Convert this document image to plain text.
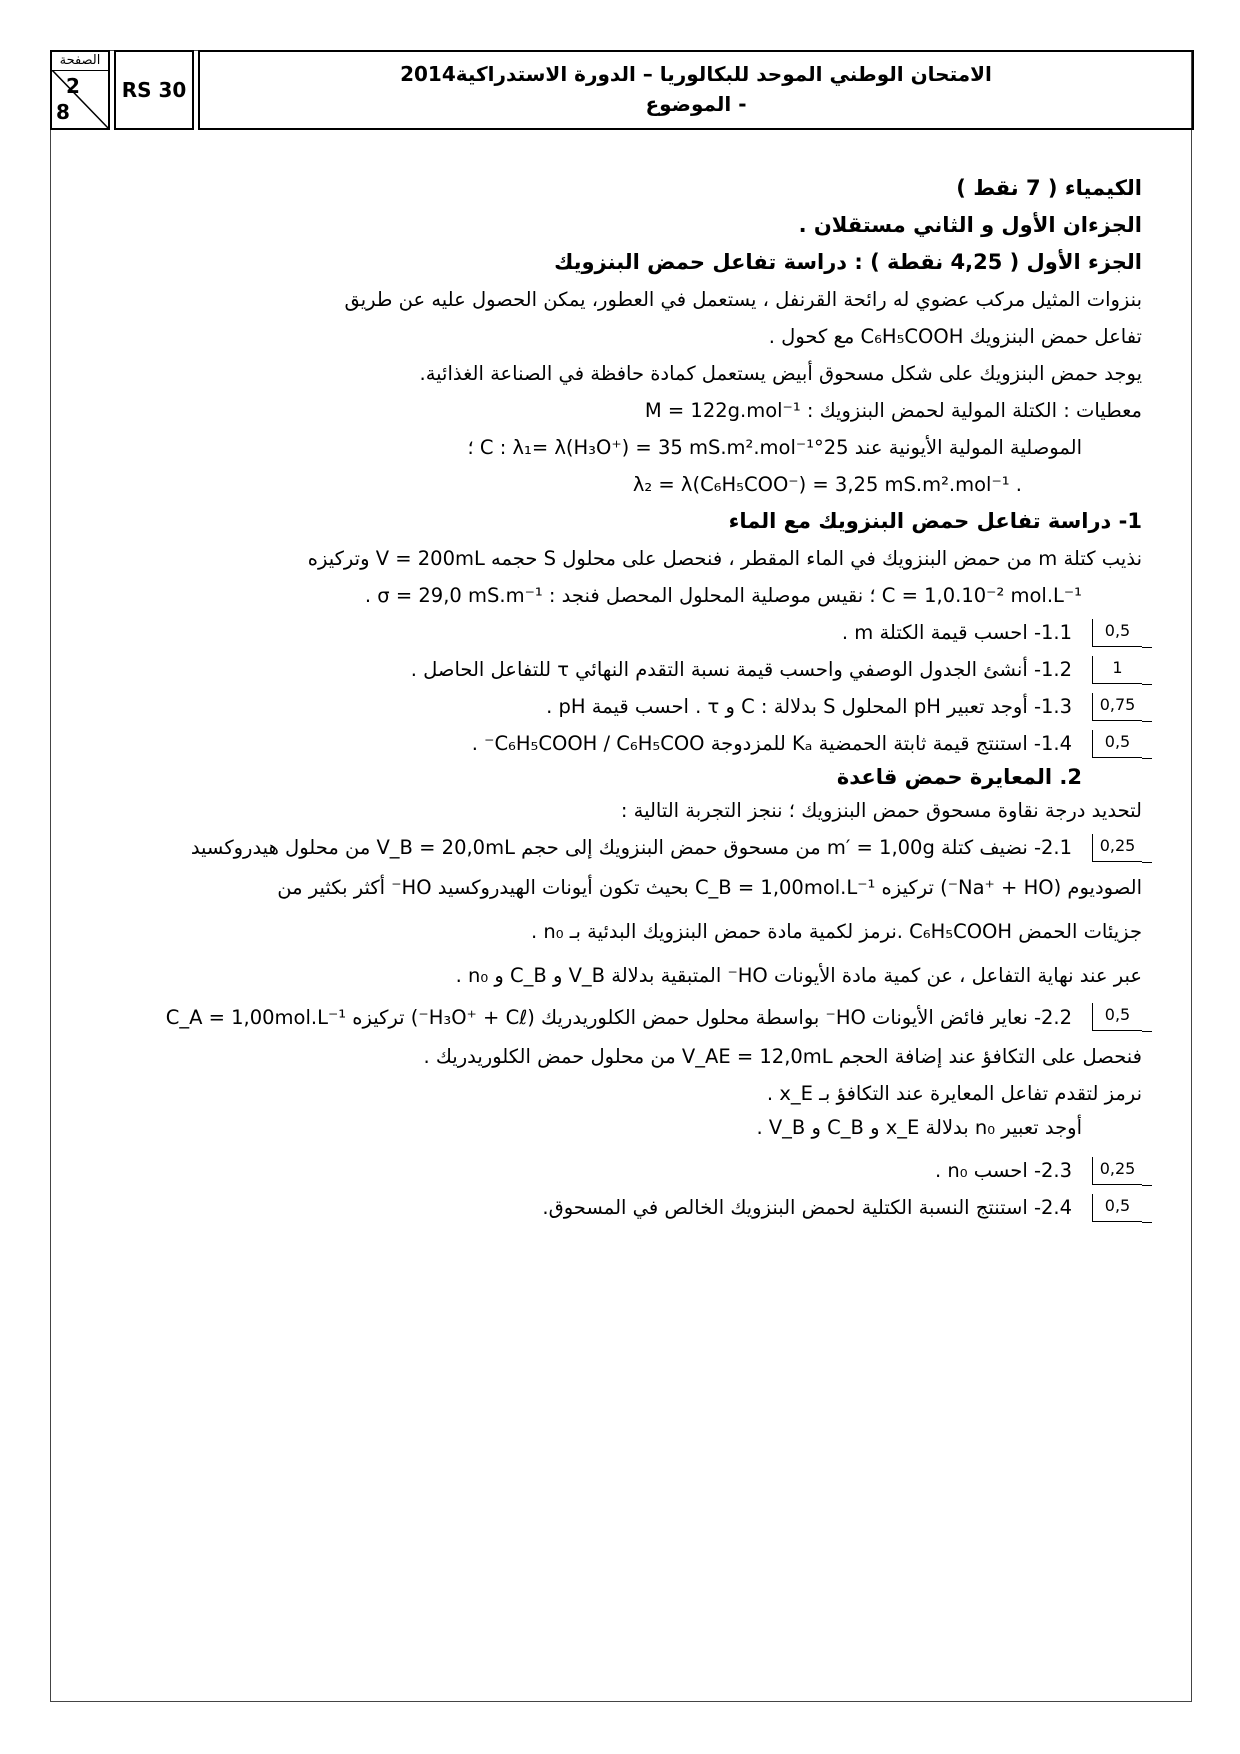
الصفحة
2
8
RS 30
الامتحان الوطني الموحد للبكالوريا – الدورة الاستدراكية2014
- الموضوع
الكيمياء ( 7 نقط )
الجزءان الأول و الثاني مستقلان .
الجزء الأول ( 4,25 نقطة ) : دراسة تفاعل حمض البنزويك
بنزوات المثيل مركب عضوي له رائحة القرنفل ، يستعمل في العطور، يمكن الحصول عليه عن طريق
تفاعل حمض البنزويك C₆H₅COOH مع كحول .
يوجد حمض البنزويك على شكل مسحوق أبيض يستعمل كمادة حافظة في الصناعة الغذائية.
معطيات : الكتلة المولية لحمض البنزويك : M = 122g.mol⁻¹
الموصلية المولية الأيونية عند 25°C : λ₁= λ(H₃O⁺) = 35 mS.m².mol⁻¹ ؛
. λ₂ = λ(C₆H₅COO⁻) = 3,25 mS.m².mol⁻¹
1- دراسة تفاعل حمض البنزويك مع الماء
نذيب كتلة m من حمض البنزويك في الماء المقطر ، فنحصل على محلول S حجمه V = 200mL وتركيزه
C = 1,0.10⁻² mol.L⁻¹ ؛ نقيس موصلية المحلول المحصل فنجد : σ = 29,0 mS.m⁻¹ .
0,5
1.1- احسب قيمة الكتلة m .
1
1.2- أنشئ الجدول الوصفي واحسب قيمة نسبة التقدم النهائي τ للتفاعل الحاصل .
0,75
1.3- أوجد تعبير pH المحلول S بدلالة : C و τ . احسب قيمة pH .
0,5
1.4- استنتج قيمة ثابتة الحمضية Kₐ للمزدوجة C₆H₅COOH / C₆H₅COO⁻ .
2. المعايرة حمض قاعدة
لتحديد درجة نقاوة مسحوق حمض البنزويك ؛ ننجز التجربة التالية :
0,25
2.1- نضيف كتلة m′ = 1,00g من مسحوق حمض البنزويك إلى حجم V_B = 20,0mL من محلول هيدروكسيد
الصوديوم (Na⁺ + HO⁻) تركيزه C_B = 1,00mol.L⁻¹ بحيث تكون أيونات الهيدروكسيد HO⁻ أكثر بكثير من
جزيئات الحمض C₆H₅COOH .نرمز لكمية مادة حمض البنزويك البدئية بـ n₀ .
عبر عند نهاية التفاعل ، عن كمية مادة الأيونات HO⁻ المتبقية بدلالة V_B و C_B و n₀ .
0,5
2.2- نعاير فائض الأيونات HO⁻ بواسطة محلول حمض الكلوريدريك (H₃O⁺ + Cℓ⁻) تركيزه C_A = 1,00mol.L⁻¹
فنحصل على التكافؤ عند إضافة الحجم V_AE = 12,0mL من محلول حمض الكلوريدريك .
نرمز لتقدم تفاعل المعايرة عند التكافؤ بـ x_E .
أوجد تعبير n₀ بدلالة x_E و C_B و V_B .
0,25
2.3- احسب n₀ .
0,5
2.4- استنتج النسبة الكتلية لحمض البنزويك الخالص في المسحوق.
